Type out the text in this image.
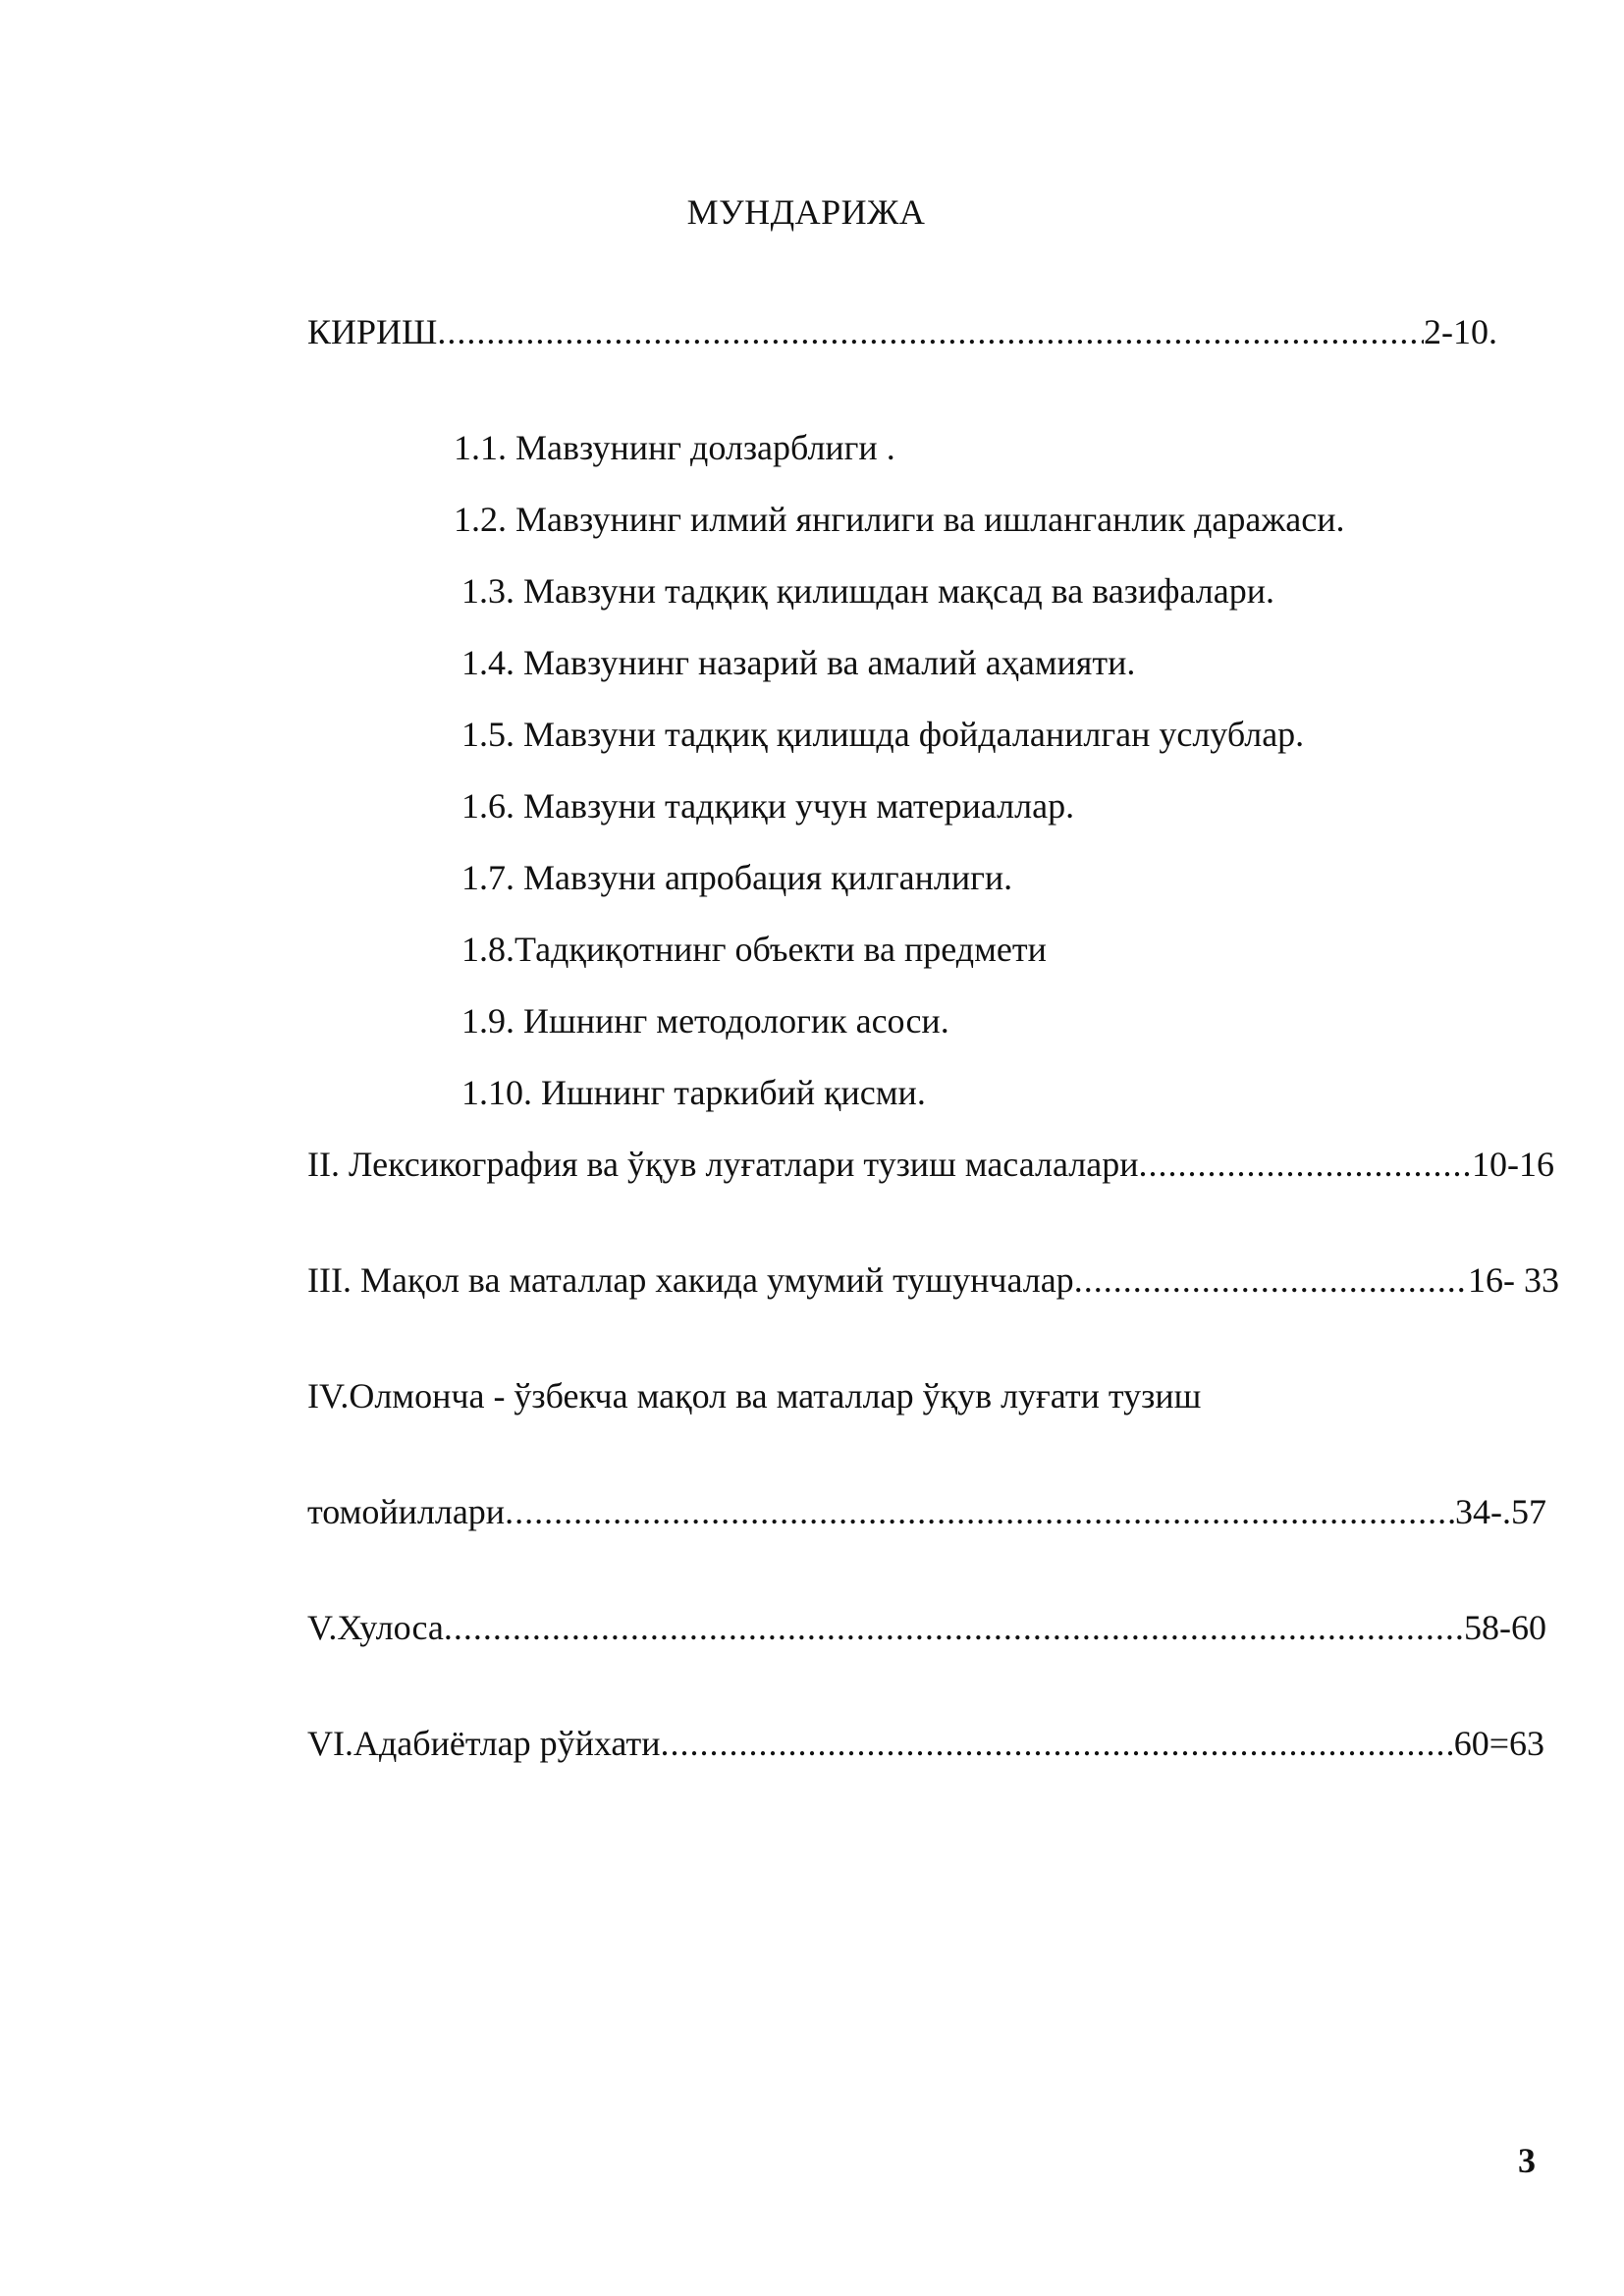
МУНДАРИЖА
КИРИШ .....	2-10.
1.1. Мавзунинг долзарблиги .
1.2. Мавзунинг илмий янгилиги ва ишланганлик даражаси.
1.3. Мавзуни тадқиқ қилишдан мақсад ва вазифалари.
1.4. Мавзунинг назарий ва амалий аҳамияти.
1.5. Мавзуни тадқиқ қилишда фойдаланилган услублар.
1.6. Мавзуни тадқиқи учун материаллар.
1.7. Мавзуни апробация қилганлиги.
1.8.Тадқиқотнинг объекти ва предмети
1.9. Ишнинг методологик асоси.
1.10. Ишнинг таркибий қисми.
II. Лексикография ва ўқув луғатлари тузиш масалалари .....	10-16
III. Мақол ва маталлар хакида умумий тушунчалар .....	16- 33
IV.Олмонча - ўзбекча мақол ва маталлар ўқув луғати тузиш
томойиллари .....	34-.57
V.Хулоса .....	58-60
VI.Адабиётлар рўйхати .....	60=63
3
